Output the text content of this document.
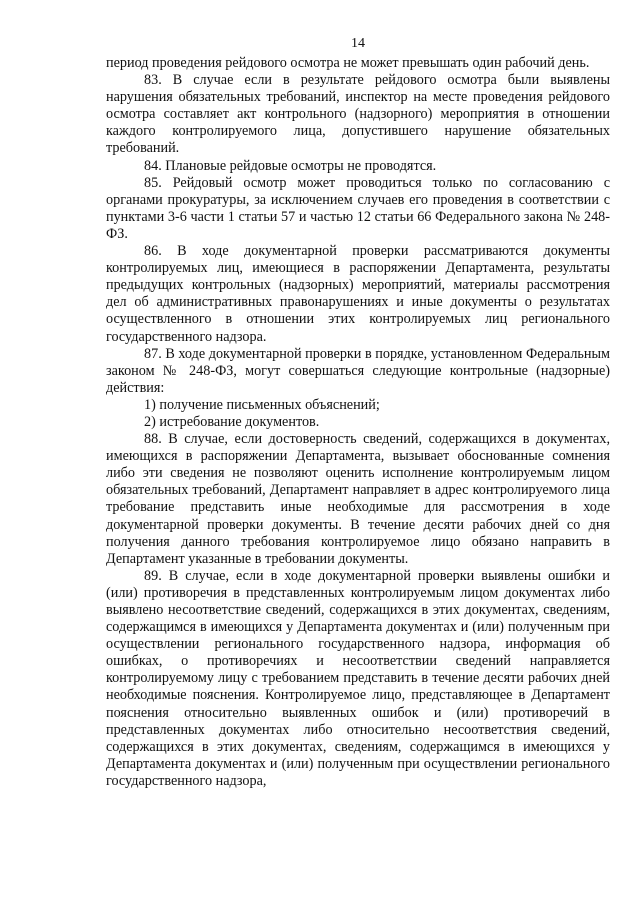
14

период проведения рейдового осмотра не может превышать один рабочий день.

83. В случае если в результате рейдового осмотра были выявлены нарушения обязательных требований, инспектор на месте проведения рейдового осмотра составляет акт контрольного (надзорного) мероприятия в отношении каждого контролируемого лица, допустившего нарушение обязательных требований.

84. Плановые рейдовые осмотры не проводятся.

85. Рейдовый осмотр может проводиться только по согласованию с органами прокуратуры, за исключением случаев его проведения в соответствии с пунктами 3-6 части 1 статьи 57 и частью 12 статьи 66 Федерального закона № 248-ФЗ.

86. В ходе документарной проверки рассматриваются документы контролируемых лиц, имеющиеся в распоряжении Департамента, результаты предыдущих контрольных (надзорных) мероприятий, материалы рассмотрения дел об административных правонарушениях и иные документы о результатах осуществленного в отношении этих контролируемых лиц регионального государственного надзора.

87. В ходе документарной проверки в порядке, установленном Федеральным законом № 248-ФЗ, могут совершаться следующие контрольные (надзорные) действия:

1) получение письменных объяснений;

2) истребование документов.

88. В случае, если достоверность сведений, содержащихся в документах, имеющихся в распоряжении Департамента, вызывает обоснованные сомнения либо эти сведения не позволяют оценить исполнение контролируемым лицом обязательных требований, Департамент направляет в адрес контролируемого лица требование представить иные необходимые для рассмотрения в ходе документарной проверки документы. В течение десяти рабочих дней со дня получения данного требования контролируемое лицо обязано направить в Департамент указанные в требовании документы.

89. В случае, если в ходе документарной проверки выявлены ошибки и (или) противоречия в представленных контролируемым лицом документах либо выявлено несоответствие сведений, содержащихся в этих документах, сведениям, содержащимся в имеющихся у Департамента документах и (или) полученным при осуществлении регионального государственного надзора, информация об ошибках, о противоречиях и несоответствии сведений направляется контролируемому лицу с требованием представить в течение десяти рабочих дней необходимые пояснения. Контролируемое лицо, представляющее в Департамент пояснения относительно выявленных ошибок и (или) противоречий в представленных документах либо относительно несоответствия сведений, содержащихся в этих документах, сведениям, содержащимся в имеющихся у Департамента документах и (или) полученным при осуществлении регионального государственного надзора,
